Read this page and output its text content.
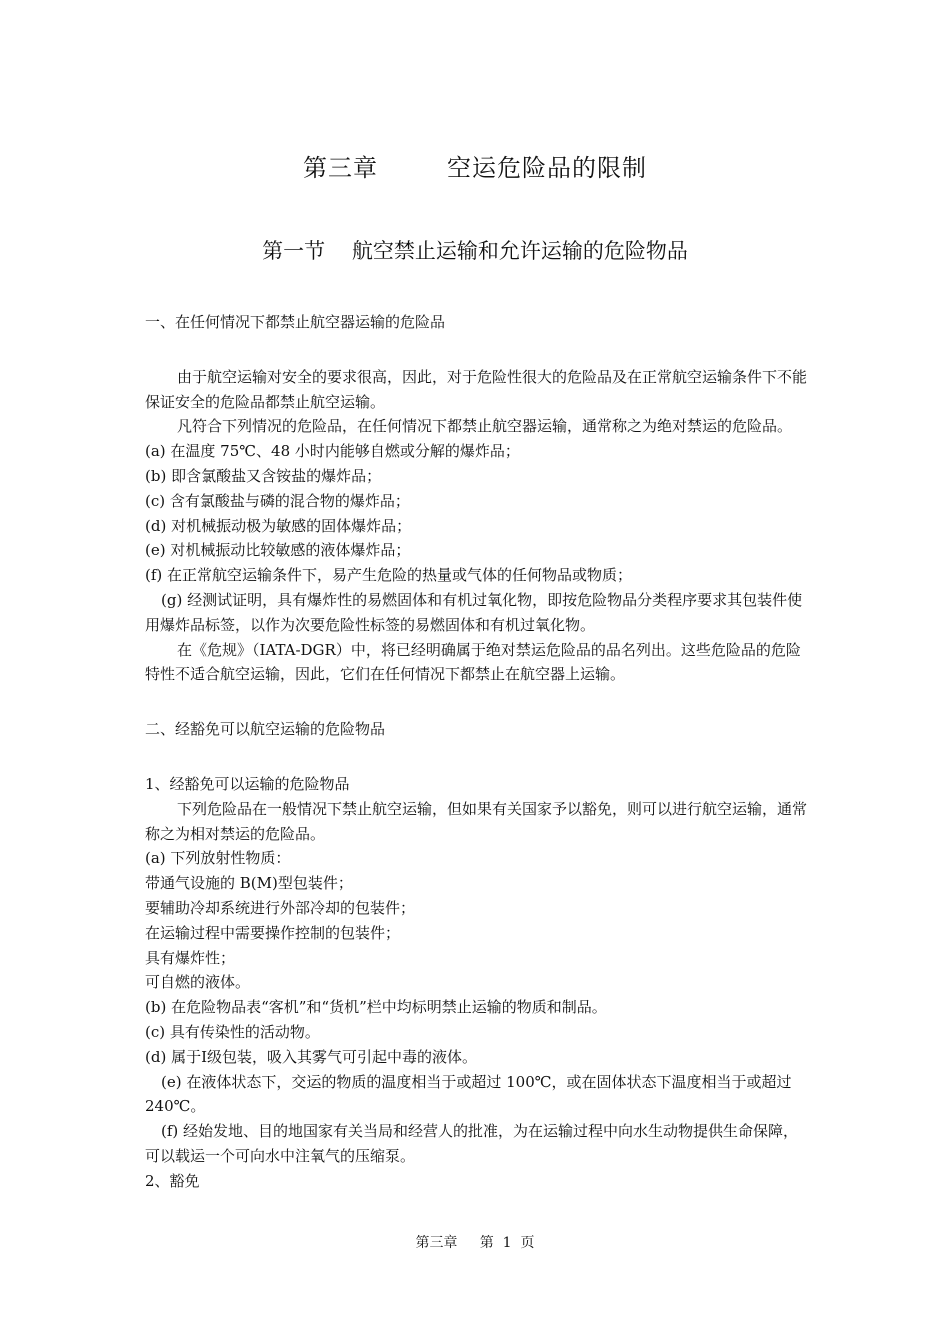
第三章        空运危险品的限制
第一节    航空禁止运输和允许运输的危险物品

一、在任何情况下都禁止航空器运输的危险品

由于航空运输对安全的要求很高，因此，对于危险性很大的危险品及在正常航空运输条件下不能保证安全的危险品都禁止航空运输。

凡符合下列情况的危险品，在任何情况下都禁止航空器运输，通常称之为绝对禁运的危险品。

(a) 在温度 75℃、48 小时内能够自燃或分解的爆炸品；

(b) 即含氯酸盐又含铵盐的爆炸品；

(c) 含有氯酸盐与磷的混合物的爆炸品；

(d) 对机械振动极为敏感的固体爆炸品；

(e) 对机械振动比较敏感的液体爆炸品；

(f) 在正常航空运输条件下，易产生危险的热量或气体的任何物品或物质；

(g) 经测试证明，具有爆炸性的易燃固体和有机过氧化物，即按危险物品分类程序要求其包装件使用爆炸品标签，以作为次要危险性标签的易燃固体和有机过氧化物。

在《危规》（IATA-DGR）中，将已经明确属于绝对禁运危险品的品名列出。这些危险品的危险特性不适合航空运输，因此，它们在任何情况下都禁止在航空器上运输。

二、经豁免可以航空运输的危险物品

1、经豁免可以运输的危险物品

下列危险品在一般情况下禁止航空运输，但如果有关国家予以豁免，则可以进行航空运输，通常称之为相对禁运的危险品。

(a) 下列放射性物质：

带通气设施的 B(M)型包装件；

要辅助冷却系统进行外部冷却的包装件；

在运输过程中需要操作控制的包装件；

具有爆炸性；

可自燃的液体。

(b) 在危险物品表“客机”和“货机”栏中均标明禁止运输的物质和制品。

(c) 具有传染性的活动物。

(d) 属于Ⅰ级包装，吸入其雾气可引起中毒的液体。

(e) 在液体状态下，交运的物质的温度相当于或超过 100℃，或在固体状态下温度相当于或超过 240℃。

(f) 经始发地、目的地国家有关当局和经营人的批准，为在运输过程中向水生动物提供生命保障，可以载运一个可向水中注氧气的压缩泵。

2、豁免

第三章     第  1  页
